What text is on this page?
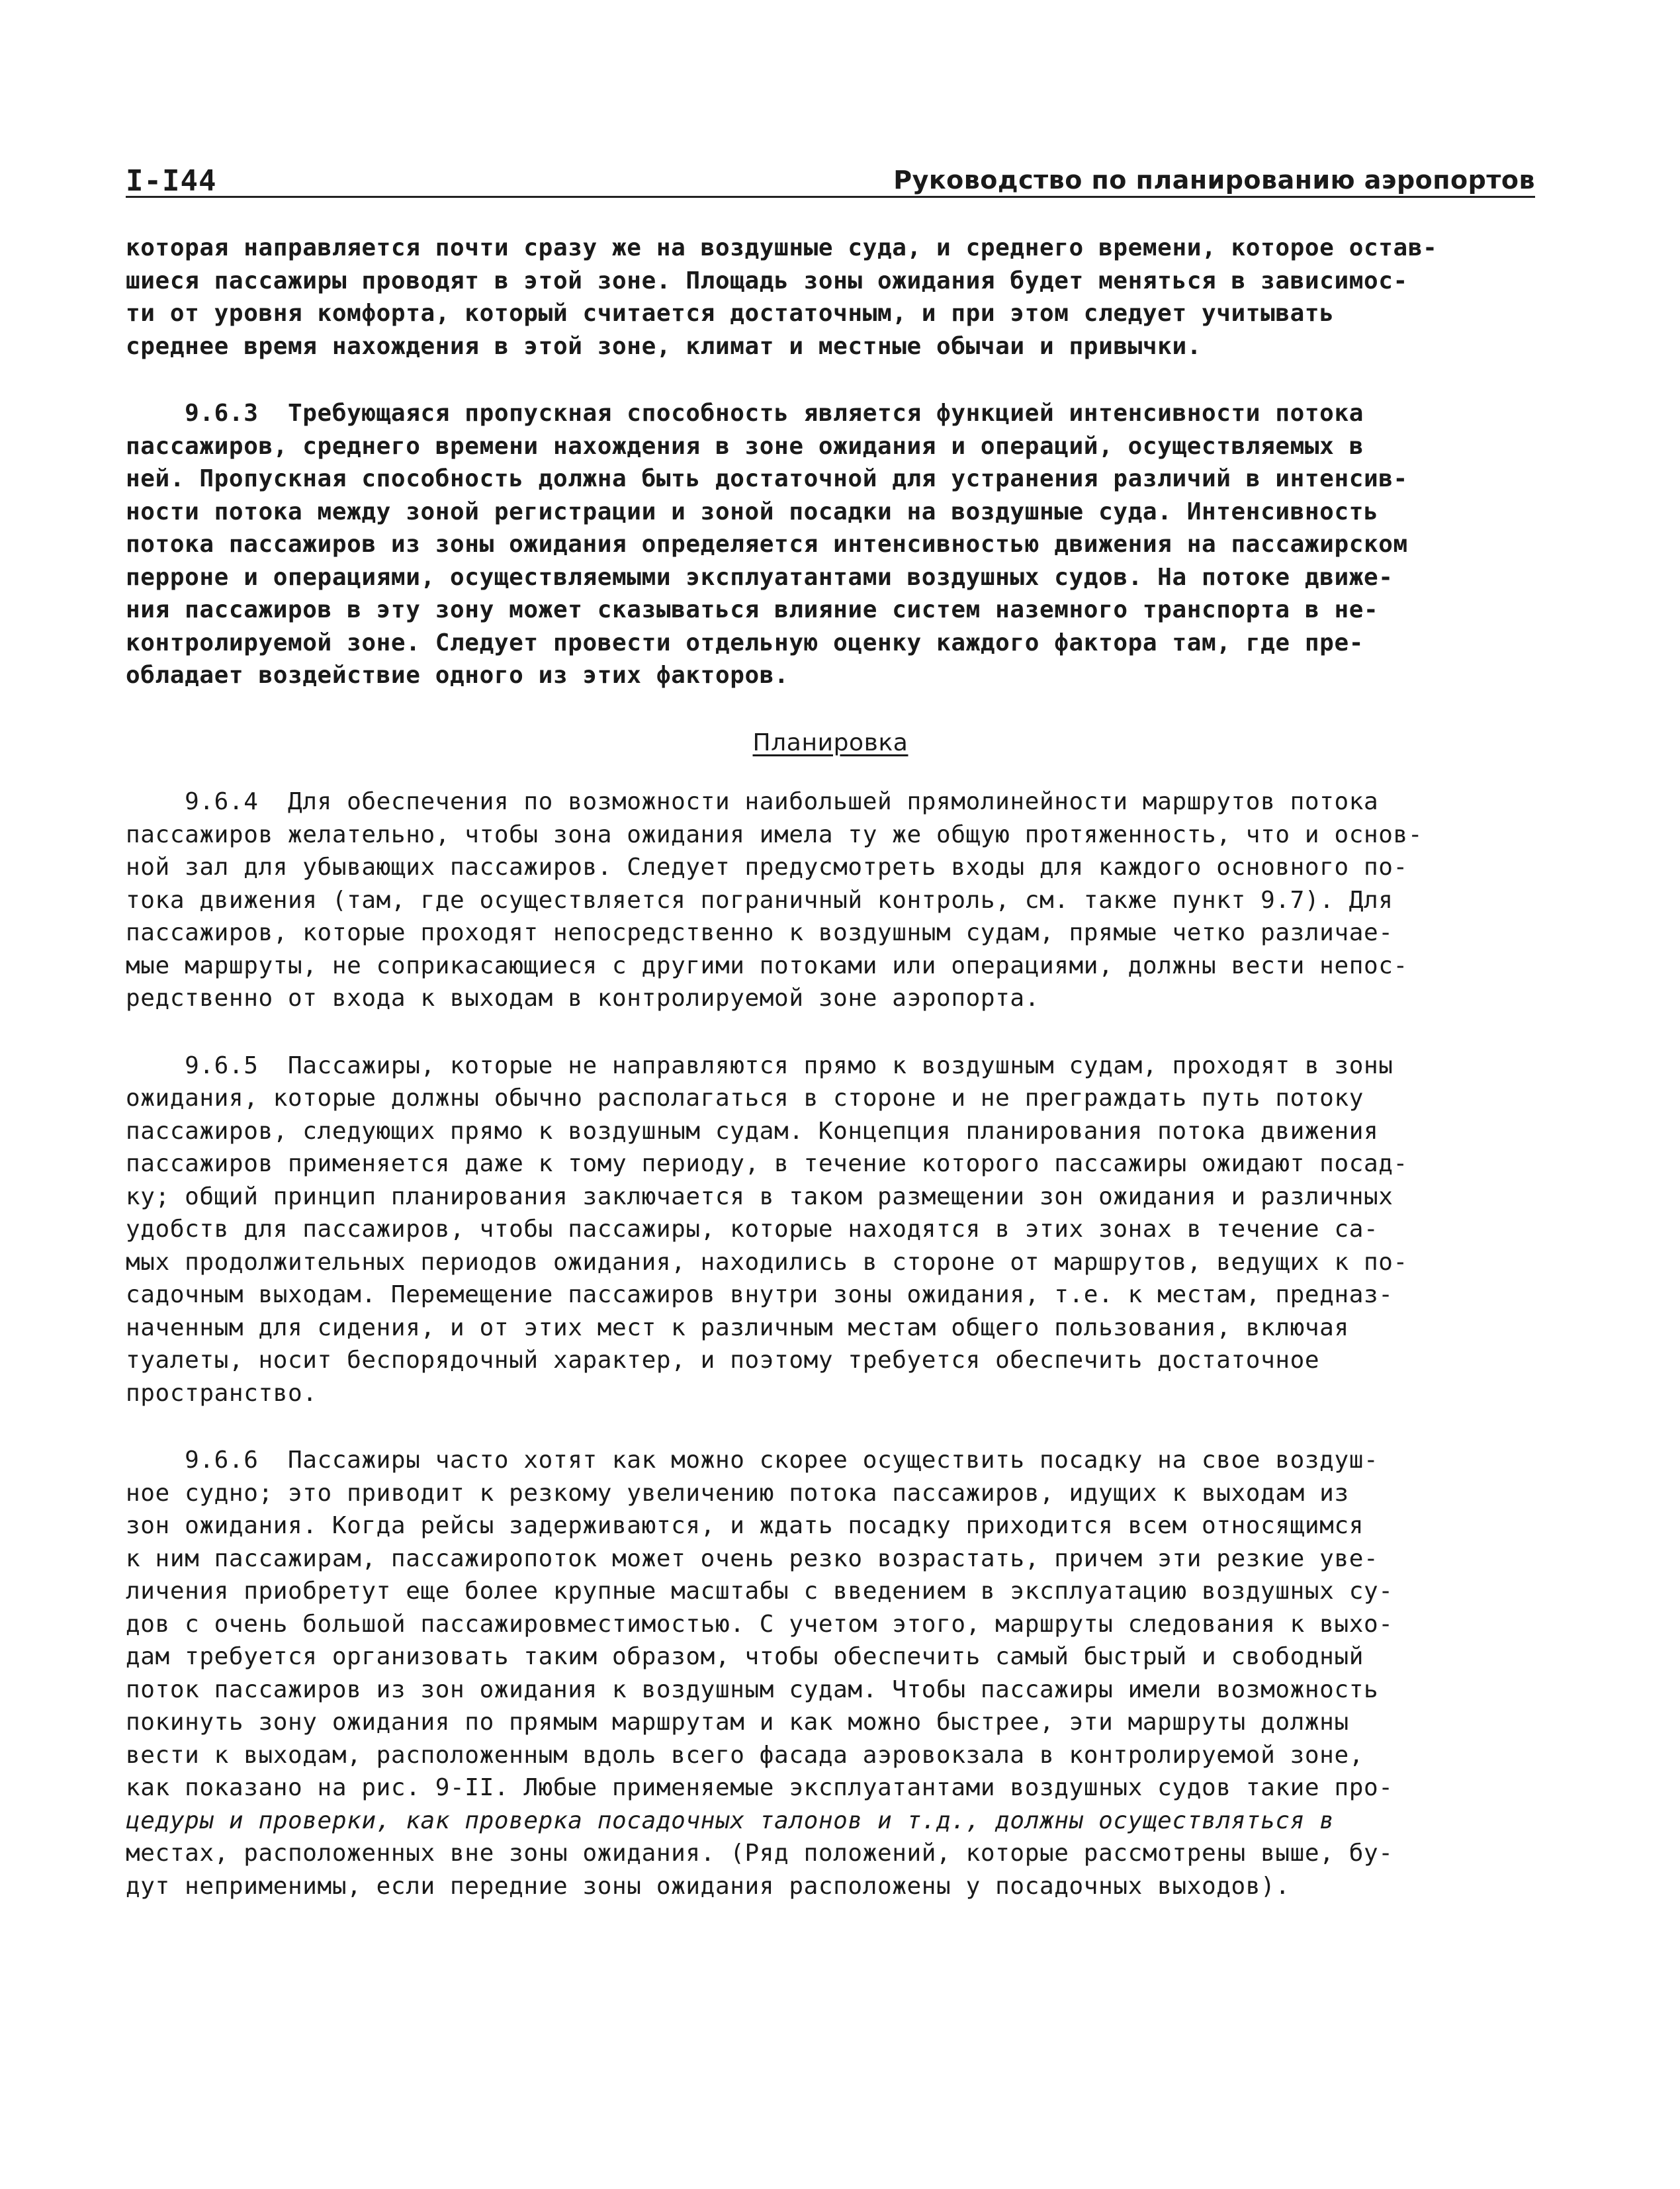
I-I44	Руководство по планированию аэропортов
которая направляется почти сразу же на воздушные суда, и среднего времени, которое остав-
шиеся пассажиры проводят в этой зоне. Площадь зоны ожидания будет меняться в зависимос-
ти от уровня комфорта, который считается достаточным, и при этом следует учитывать
среднее время нахождения в этой зоне, климат и местные обычаи и привычки.
9.6.3  Требующаяся пропускная способность является функцией интенсивности потока
пассажиров, среднего времени нахождения в зоне ожидания и операций, осуществляемых в
ней. Пропускная способность должна быть достаточной для устранения различий в интенсив-
ности потока между зоной регистрации и зоной посадки на воздушные суда. Интенсивность
потока пассажиров из зоны ожидания определяется интенсивностью движения на пассажирском
перроне и операциями, осуществляемыми эксплуатантами воздушных судов. На потоке движе-
ния пассажиров в эту зону может сказываться влияние систем наземного транспорта в не-
контролируемой зоне. Следует провести отдельную оценку каждого фактора там, где пре-
обладает воздействие одного из этих факторов.
Планировка
9.6.4  Для обеспечения по возможности наибольшей прямолинейности маршрутов потока
пассажиров желательно, чтобы зона ожидания имела ту же общую протяженность, что и основ-
ной зал для убывающих пассажиров. Следует предусмотреть входы для каждого основного по-
тока движения (там, где осуществляется пограничный контроль, см. также пункт 9.7). Для
пассажиров, которые проходят непосредственно к воздушным судам, прямые четко различае-
мые маршруты, не соприкасающиеся с другими потоками или операциями, должны вести непос-
редственно от входа к выходам в контролируемой зоне аэропорта.
9.6.5  Пассажиры, которые не направляются прямо к воздушным судам, проходят в зоны
ожидания, которые должны обычно располагаться в стороне и не преграждать путь потоку
пассажиров, следующих прямо к воздушным судам. Концепция планирования потока движения
пассажиров применяется даже к тому периоду, в течение которого пассажиры ожидают посад-
ку; общий принцип планирования заключается в таком размещении зон ожидания и различных
удобств для пассажиров, чтобы пассажиры, которые находятся в этих зонах в течение са-
мых продолжительных периодов ожидания, находились в стороне от маршрутов, ведущих к по-
садочным выходам. Перемещение пассажиров внутри зоны ожидания, т.е. к местам, предназ-
наченным для сидения, и от этих мест к различным местам общего пользования, включая
туалеты, носит беспорядочный характер, и поэтому требуется обеспечить достаточное
пространство.
9.6.6  Пассажиры часто хотят как можно скорее осуществить посадку на свое воздуш-
ное судно; это приводит к резкому увеличению потока пассажиров, идущих к выходам из
зон ожидания. Когда рейсы задерживаются, и ждать посадку приходится всем относящимся
к ним пассажирам, пассажиропоток может очень резко возрастать, причем эти резкие уве-
личения приобретут еще более крупные масштабы с введением в эксплуатацию воздушных су-
дов с очень большой пассажировместимостью. С учетом этого, маршруты следования к выхо-
дам требуется организовать таким образом, чтобы обеспечить самый быстрый и свободный
поток пассажиров из зон ожидания к воздушным судам. Чтобы пассажиры имели возможность
покинуть зону ожидания по прямым маршрутам и как можно быстрее, эти маршруты должны
вести к выходам, расположенным вдоль всего фасада аэровокзала в контролируемой зоне,
как показано на рис. 9-II. Любые применяемые эксплуатантами воздушных судов такие про-
цедуры и проверки, как проверка посадочных талонов и т.д., должны осуществляться в
местах, расположенных вне зоны ожидания. (Ряд положений, которые рассмотрены выше, бу-
дут неприменимы, если передние зоны ожидания расположены у посадочных выходов).
